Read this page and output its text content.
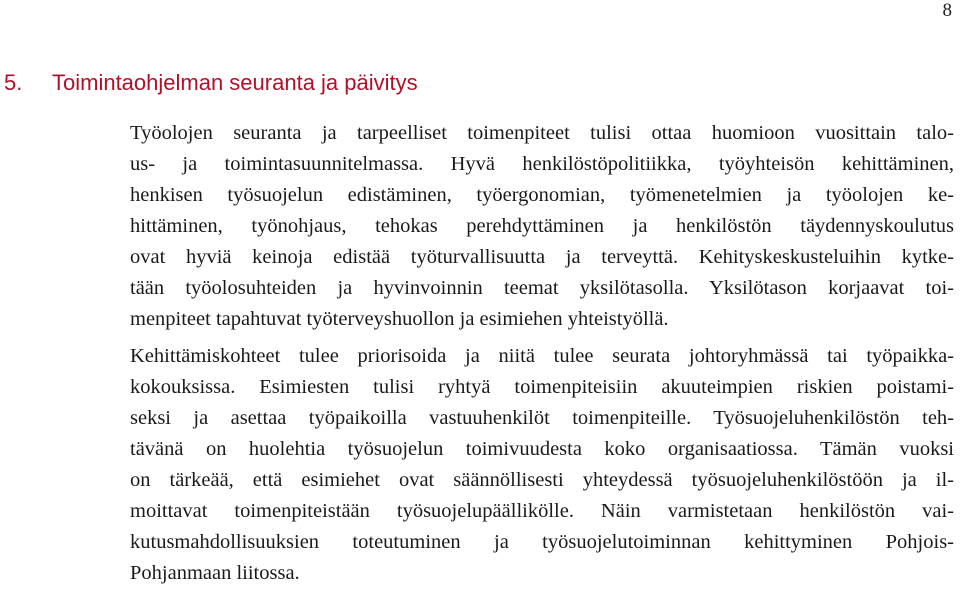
8
5. Toimintaohjelman seuranta ja päivitys
Työolojen seuranta ja tarpeelliset toimenpiteet tulisi ottaa huomioon vuosittain talo-
us- ja toimintasuunnitelmassa. Hyvä henkilöstöpolitiikka, työyhteisön kehittäminen,
henkisen työsuojelun edistäminen, työergonomian, työmenetelmien ja työolojen ke-
hittäminen, työnohjaus, tehokas perehdyttäminen ja henkilöstön täydennyskoulutus
ovat hyviä keinoja edistää työturvallisuutta ja terveyttä. Kehityskeskusteluihin kytke-
tään työolosuhteiden ja hyvinvoinnin teemat yksilötasolla. Yksilötason korjaavat toi-
menpiteet tapahtuvat työterveyshuollon ja esimiehen yhteistyöllä.
Kehittämiskohteet tulee priorisoida ja niitä tulee seurata johtoryhmässä tai työpaikka-
kokouksissa. Esimiesten tulisi ryhtyä toimenpiteisiin akuuteimpien riskien poistami-
seksi ja asettaa työpaikoilla vastuuhenkilöt toimenpiteille. Työsuojeluhenkilöstön teh-
tävänä on huolehtia työsuojelun toimivuudesta koko organisaatiossa. Tämän vuoksi
on tärkeää, että esimiehet ovat säännöllisesti yhteydessä työsuojeluhenkilöstöön ja il-
moittavat toimenpiteistään työsuojelupäällikölle. Näin varmistetaan henkilöstön vai-
kutusmahdollisuuksien toteutuminen ja työsuojelutoiminnan kehittyminen Pohjois-
Pohjanmaan liitossa.
